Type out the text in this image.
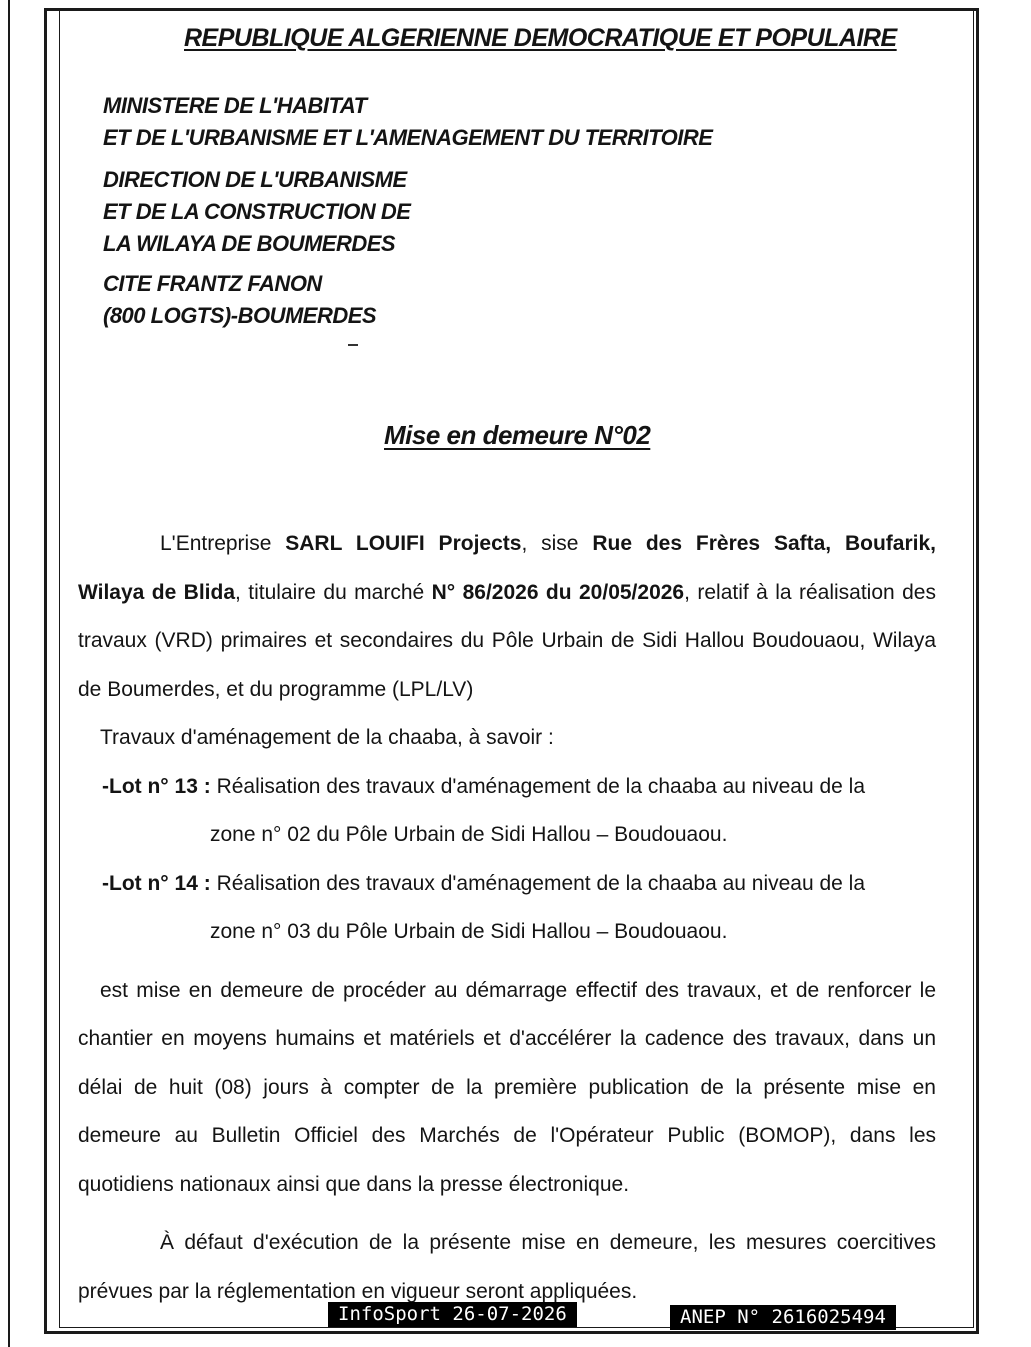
REPUBLIQUE ALGERIENNE DEMOCRATIQUE ET POPULAIRE
MINISTERE DE L'HABITAT
ET DE L'URBANISME ET L'AMENAGEMENT DU TERRITOIRE
DIRECTION DE L'URBANISME
ET DE LA CONSTRUCTION DE
LA WILAYA DE BOUMERDES
CITE FRANTZ FANON
(800 LOGTS)-BOUMERDES
Mise en demeure N°02

L'Entreprise SARL LOUIFI Projects, sise Rue des Frères Safta, Boufarik, Wilaya de Blida, titulaire du marché N° 86/2026 du 20/05/2026, relatif à la réalisation des travaux (VRD) primaires et secondaires du Pôle Urbain de Sidi Hallou Boudouaou, Wilaya de Boumerdes, et du programme (LPL/LV)

Travaux d'aménagement de la chaaba, à savoir :

-Lot n° 13 : Réalisation des travaux d'aménagement de la chaaba au niveau de la

zone n° 02 du Pôle Urbain de Sidi Hallou – Boudouaou.

-Lot n° 14 : Réalisation des travaux d'aménagement de la chaaba au niveau de la

zone n° 03 du Pôle Urbain de Sidi Hallou – Boudouaou.

est mise en demeure de procéder au démarrage effectif des travaux, et de renforcer le chantier en moyens humains et matériels et d'accélérer la cadence des travaux, dans un délai de huit (08) jours à compter de la première publication de la présente mise en demeure au Bulletin Officiel des Marchés de l'Opérateur Public (BOMOP), dans les quotidiens nationaux ainsi que dans la presse électronique.

À défaut d'exécution de la présente mise en demeure, les mesures coercitives prévues par la réglementation en vigueur seront appliquées.

InfoSport 26-07-2026	ANEP N° 2616025494
